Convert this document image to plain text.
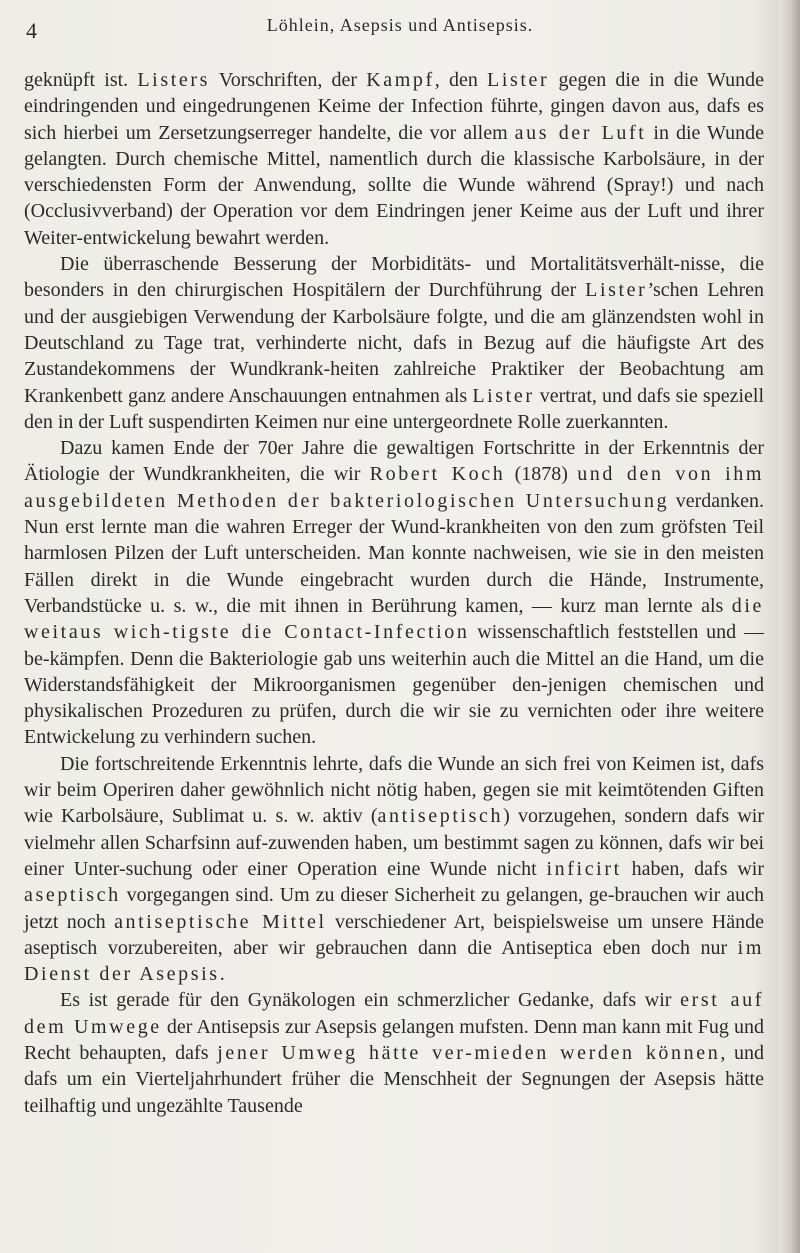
4	Löhlein, Asepsis und Antisepsis.

geknüpft ist. Listers Vorschriften, der Kampf, den Lister gegen die in die Wunde eindringenden und eingedrungenen Keime der Infection führte, gingen davon aus, dafs es sich hierbei um Zersetzungserreger handelte, die vor allem aus der Luft in die Wunde gelangten. Durch chemische Mittel, namentlich durch die klassische Karbolsäure, in der verschiedensten Form der Anwendung, sollte die Wunde während (Spray!) und nach (Occlusivverband) der Operation vor dem Eindringen jener Keime aus der Luft und ihrer Weiter-entwickelung bewahrt werden.

Die überraschende Besserung der Morbiditäts- und Mortalitätsverhält-nisse, die besonders in den chirurgischen Hospitälern der Durchführung der Lister’schen Lehren und der ausgiebigen Verwendung der Karbolsäure folgte, und die am glänzendsten wohl in Deutschland zu Tage trat, verhinderte nicht, dafs in Bezug auf die häufigste Art des Zustandekommens der Wundkrank-heiten zahlreiche Praktiker der Beobachtung am Krankenbett ganz andere Anschauungen entnahmen als Lister vertrat, und dafs sie speziell den in der Luft suspendirten Keimen nur eine untergeordnete Rolle zuerkannten.

Dazu kamen Ende der 70er Jahre die gewaltigen Fortschritte in der Erkenntnis der Ätiologie der Wundkrankheiten, die wir Robert Koch (1878) und den von ihm ausgebildeten Methoden der bakteriologischen Untersuchung verdanken. Nun erst lernte man die wahren Erreger der Wund-krankheiten von den zum gröfsten Teil harmlosen Pilzen der Luft unterscheiden. Man konnte nachweisen, wie sie in den meisten Fällen direkt in die Wunde eingebracht wurden durch die Hände, Instrumente, Verbandstücke u. s. w., die mit ihnen in Berührung kamen, — kurz man lernte als die weitaus wich-tigste die Contact-Infection wissenschaftlich feststellen und — be-kämpfen. Denn die Bakteriologie gab uns weiterhin auch die Mittel an die Hand, um die Widerstandsfähigkeit der Mikroorganismen gegenüber den-jenigen chemischen und physikalischen Prozeduren zu prüfen, durch die wir sie zu vernichten oder ihre weitere Entwickelung zu verhindern suchen.

Die fortschreitende Erkenntnis lehrte, dafs die Wunde an sich frei von Keimen ist, dafs wir beim Operiren daher gewöhnlich nicht nötig haben, gegen sie mit keimtötenden Giften wie Karbolsäure, Sublimat u. s. w. aktiv (antiseptisch) vorzugehen, sondern dafs wir vielmehr allen Scharfsinn auf-zuwenden haben, um bestimmt sagen zu können, dafs wir bei einer Unter-suchung oder einer Operation eine Wunde nicht inficirt haben, dafs wir aseptisch vorgegangen sind. Um zu dieser Sicherheit zu gelangen, ge-brauchen wir auch jetzt noch antiseptische Mittel verschiedener Art, beispielsweise um unsere Hände aseptisch vorzubereiten, aber wir gebrauchen dann die Antiseptica eben doch nur im Dienst der Asepsis.

Es ist gerade für den Gynäkologen ein schmerzlicher Gedanke, dafs wir erst auf dem Umwege der Antisepsis zur Asepsis gelangen mufsten. Denn man kann mit Fug und Recht behaupten, dafs jener Umweg hätte ver-mieden werden können, und dafs um ein Vierteljahrhundert früher die Menschheit der Segnungen der Asepsis hätte teilhaftig und ungezählte Tausende
